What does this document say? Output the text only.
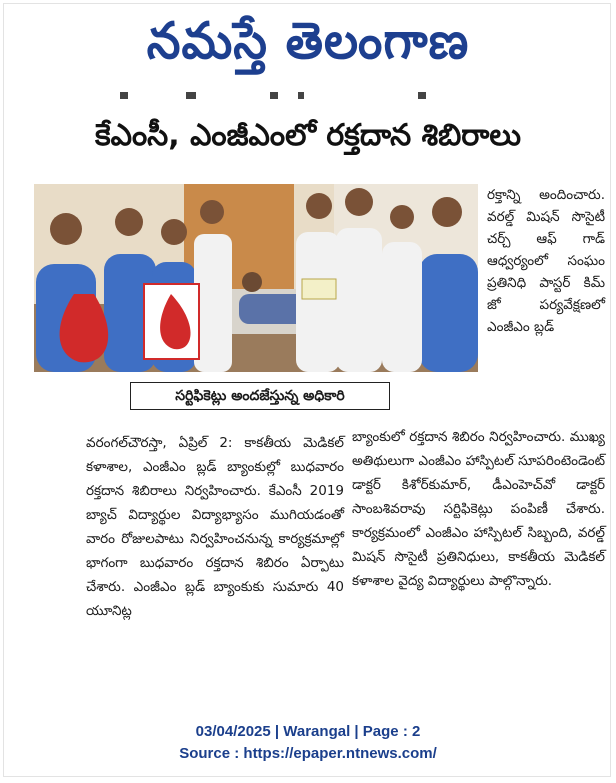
నమస్తే తెలంగాణ
కేఎంసీ, ఎంజీఎంలో రక్తదాన శిబిరాలు
సర్టిఫికెట్లు అందజేస్తున్న అధికారి

రక్తాన్ని అందించారు. వరల్డ్ మిషన్ సొసైటీ చర్చ్ ఆఫ్ గాడ్ ఆధ్వర్యంలో సంఘం ప్రతినిధి పాస్టర్ కిమ్ జో పర్యవేక్షణలో ఎంజీఎం బ్లడ్

వరంగల్‌చౌరస్తా, ఏప్రిల్ 2: కాకతీయ మెడికల్ కళాశాల, ఎంజీఎం బ్లడ్ బ్యాంకుల్లో బుధవారం రక్తదాన శిబిరాలు నిర్వహించారు. కేఎంసీ 2019 బ్యాచ్ విద్యార్థుల విద్యాభ్యాసం ముగియడంతో వారం రోజులపాటు నిర్వహించనున్న కార్యక్రమాల్లో భాగంగా బుధవారం రక్తదాన శిబిరం ఏర్పాటు చేశారు. ఎంజీఎం బ్లడ్ బ్యాంకుకు సుమారు 40 యూనిట్ల

బ్యాంకులో రక్తదాన శిబిరం నిర్వహించారు. ముఖ్య అతిథులుగా ఎంజీఎం హాస్పిటల్ సూపరింటెండెంట్ డాక్టర్ కిశోర్‌కుమార్, డీఎంహెచ్‌వో డాక్టర్ సాంబశివరావు సర్టిఫికెట్లు పంపిణీ చేశారు. కార్యక్రమంలో ఎంజీఎం హాస్పిటల్ సిబ్బంది, వరల్డ్ మిషన్ సొసైటీ ప్రతినిధులు, కాకతీయ మెడికల్ కళాశాల వైద్య విద్యార్థులు పాల్గొన్నారు.

03/04/2025 | Warangal | Page : 2
Source : https://epaper.ntnews.com/
